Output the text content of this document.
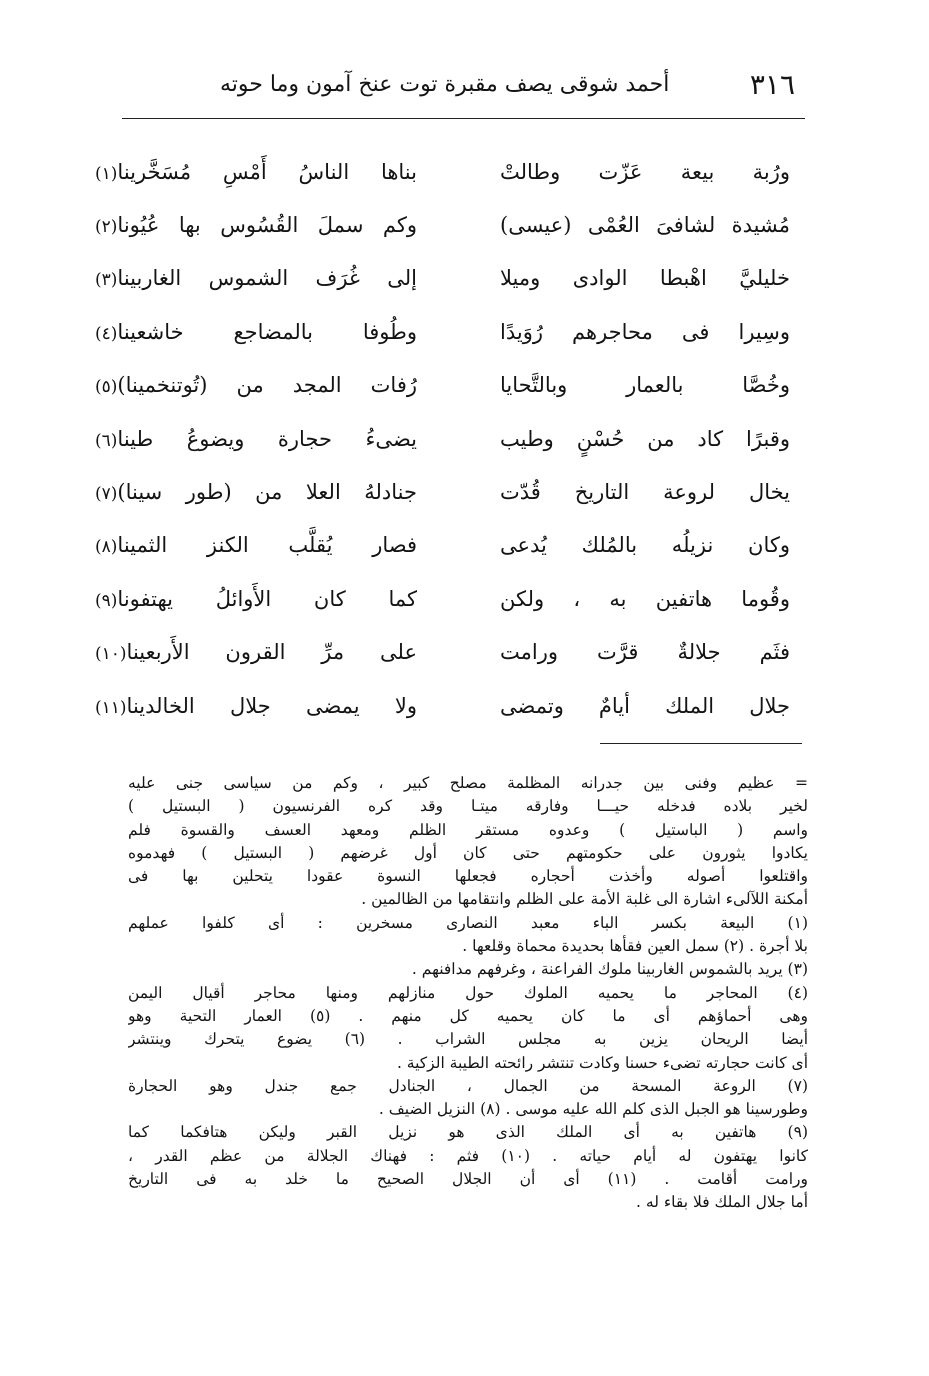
٣١٦
أحمد شوقى يصف مقبرة توت عنخ آمون وما حوته
ورُبة بيعة عَزّت وطالتْ
بناها الناسُ أَمْسِ مُسَخَّرينا(١)
مُشيدة لشافىَ العُمْى (عيسى)
وكم سملَ القُسُوس بها عُيُونا(٢)
خليليَّ اهْبطا الوادى وميلا
إلى غُرَف الشموس الغاربينا(٣)
وسِيرا فى محاجرهم رُوَيدًا
وطُوفا بالمضاجع خاشعينا(٤)
وخُصَّا بالعمار وبالتَّحايا
رُفات المجد من (تُوتنخمينا)(٥)
وقبرًا كاد من حُسْنٍ وطيب
يضىءُ حجارة ويضوعُ طينا(٦)
يخال لروعة التاريخ قُدّت
جنادلهُ العلا من (طور سينا)(٧)
وكان نزيلُه بالمُلك يُدعى
فصار يُقلَّب الكنز الثمينا(٨)
وقُوما هاتفين به ، ولكن
كما كان الأَوائلُ يهتفونا(٩)
فثَم جلالةٌ قرَّت ورامت
على مرِّ القرون الأَربعينا(١٠)
جلال الملك أيامٌ وتمضى
ولا يمضى جلال الخالدينا(١١)
= عظيم وفنى بين جدرانه المظلمة مصلح كبير ، وكم من سياسى جنى عليه
لخير بلاده فدخله حيـــا وفارقه ميتـا وقد كره الفرنسيون ( البستيل )
واسم ( الباستيل ) وعدوه مستقر الظلم ومعهد العسف والقسوة فلم
يكادوا يثورون على حكومتهم حتى كان أول غرضهم ( البستيل ) فهدموه
واقتلعوا أصوله وأخذت أحجاره فجعلها النسوة عقودا يتحلين بها فى
أمكنة اللآلىء اشارة الى غلبة الأمة على الظلم وانتقامها من الظالمين .
(١) البيعة بكسر الباء معبد النصارى مسخرين : أى كلفوا عملهم
بلا أجرة . (٢) سمل العين فقأها بحديدة محماة وقلعها .
(٣) يريد بالشموس الغاربينا ملوك الفراعنة ، وغرفهم مدافنهم .
(٤) المحاجر ما يحميه الملوك حول منازلهم ومنها محاجر أقيال اليمن
وهى أحماؤهم أى ما كان يحميه كل منهم . (٥) العمار التحية وهو
أيضا الريحان يزين به مجلس الشراب . (٦) يضوع يتحرك وينتشر
أى كانت حجارته تضىء حسنا وكادت تنتشر رائحته الطيبة الزكية .
(٧) الروعة المسحة من الجمال ، الجنادل جمع جندل وهو الحجارة
وطورسينا هو الجبل الذى كلم الله عليه موسى . (٨) النزيل الضيف .
(٩) هاتفين به أى الملك الذى هو نزيل القبر وليكن هتافكما كما
كانوا يهتفون له أيام حياته . (١٠) فثم : فهناك الجلالة من عظم القدر ،
ورامت أقامت . (١١) أى أن الجلال الصحيح ما خلد به فى التاريخ
أما جلال الملك فلا بقاء له .
